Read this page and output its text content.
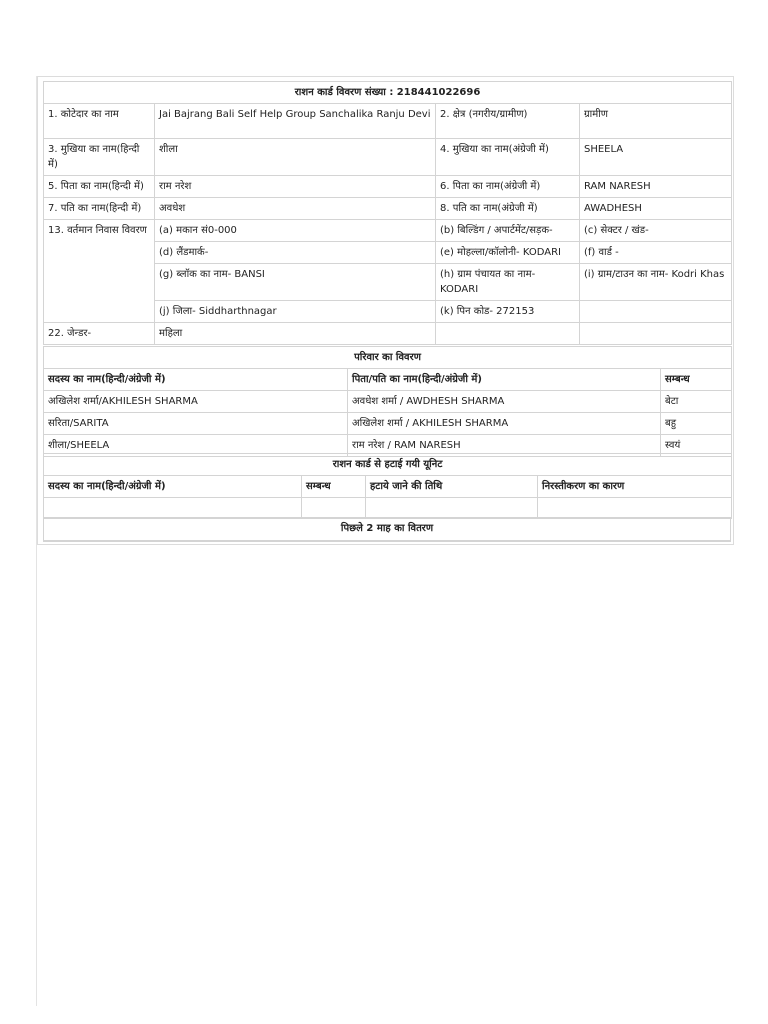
राशन कार्ड विवरण संख्या : 218441022696			
1. कोटेदार का नाम	Jai Bajrang Bali Self Help Group Sanchalika Ranju Devi	2. क्षेत्र (नगरीय/ग्रामीण)	ग्रामीण
3. मुखिया का नाम(हिन्दी में)	शीला	4. मुखिया का नाम(अंग्रेजी में)	SHEELA
5. पिता का नाम(हिन्दी में)	राम नरेश	6. पिता का नाम(अंग्रेजी में)	RAM NARESH
7. पति का नाम(हिन्दी में)	अवधेश	8. पति का नाम(अंग्रेजी में)	AWADHESH
13. वर्तमान निवास विवरण	(a) मकान सं0-000	(b) बिल्डिंग / अपार्टमेंट/सड़क-	(c) सेक्टर / खंड-
	(d) लैंडमार्क-	(e) मोहल्ला/कॉलोनी- KODARI	(f) वार्ड -
	(g) ब्लॉक का नाम- BANSI	(h) ग्राम पंचायत का नाम- KODARI	(i) ग्राम/टाउन का नाम- Kodri Khas
	(j) जिला- Siddharthnagar	(k) पिन कोड- 272153	
22. जेन्डर-	महिला		
परिवार का विवरण		
सदस्य का नाम(हिन्दी/अंग्रेजी में)	पिता/पति का नाम(हिन्दी/अंग्रेजी में)	सम्बन्ध
अखिलेश शर्मा/AKHILESH SHARMA	अवधेश शर्मा / AWDHESH SHARMA	बेटा
सरिता/SARITA	अखिलेश शर्मा / AKHILESH SHARMA	बहु
शीला/SHEELA	राम नरेश / RAM NARESH	स्वयं
राशन कार्ड से हटाई गयी यूनिट			
सदस्य का नाम(हिन्दी/अंग्रेजी में)	सम्बन्ध	हटाये जाने की तिथि	निरस्तीकरण का कारण

पिछले 2 माह का वितरण
